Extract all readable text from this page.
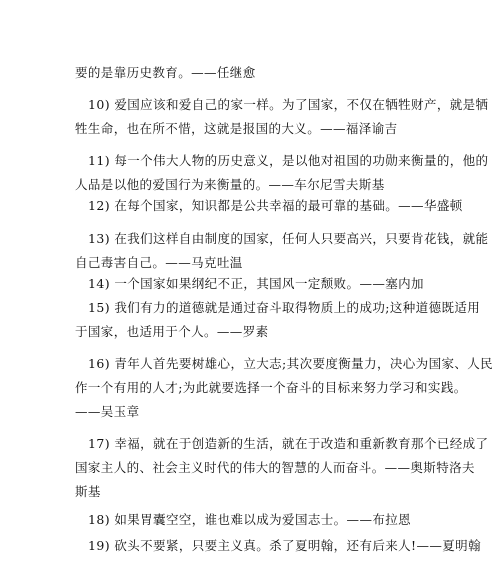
要的是靠历史教育。——任继愈
10) 爱国应该和爱自己的家一样。为了国家，不仅在牺牲财产，就是牺
牲生命，也在所不惜，这就是报国的大义。——福泽谕吉
11) 每一个伟大人物的历史意义，是以他对祖国的功勋来衡量的，他的
人品是以他的爱国行为来衡量的。——车尔尼雪夫斯基
12) 在每个国家，知识都是公共幸福的最可靠的基础。——华盛顿
13) 在我们这样自由制度的国家，任何人只要高兴，只要肯花钱，就能
自己毒害自己。——马克吐温
14) 一个国家如果纲纪不正，其国风一定颓败。——塞内加
15) 我们有力的道德就是通过奋斗取得物质上的成功;这种道德既适用
于国家，也适用于个人。——罗素
16) 青年人首先要树雄心，立大志;其次要度衡量力，决心为国家、人民
作一个有用的人才;为此就要选择一个奋斗的目标来努力学习和实践。
——吴玉章
17) 幸福，就在于创造新的生活，就在于改造和重新教育那个已经成了
国家主人的、社会主义时代的伟大的智慧的人而奋斗。——奥斯特洛夫
斯基
18) 如果胃囊空空，谁也难以成为爱国志士。——布拉恩
19) 砍头不要紧，只要主义真。杀了夏明翰，还有后来人!——夏明翰
